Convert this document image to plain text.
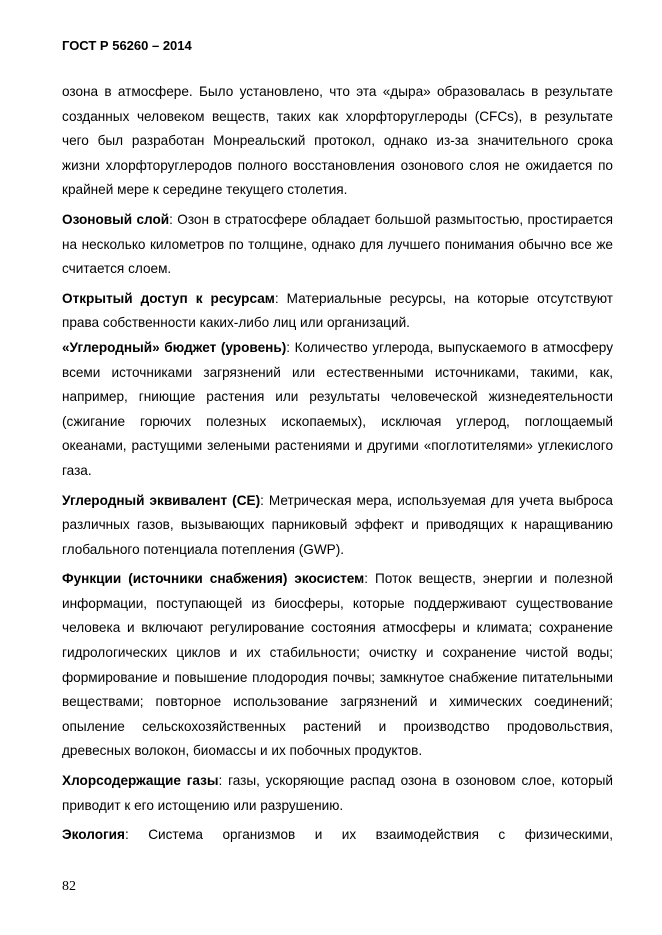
ГОСТ Р 56260 – 2014

озона в атмосфере. Было установлено, что эта «дыра» образовалась в результате созданных человеком веществ, таких как хлорфторуглероды (CFCs), в результате чего был разработан Монреальский протокол, однако из-за значительного срока жизни хлорфторуглеродов полного восстановления озонового слоя не ожидается по крайней мере к середине текущего столетия.

Озоновый слой: Озон в стратосфере обладает большой размытостью, простирается на несколько километров по толщине, однако для лучшего понимания обычно все же считается слоем.

Открытый доступ к ресурсам: Материальные ресурсы, на которые отсутствуют права собственности каких-либо лиц или организаций.

«Углеродный» бюджет (уровень): Количество углерода, выпускаемого в атмосферу всеми источниками загрязнений или естественными источниками, такими, как, например, гниющие растения или результаты человеческой жизнедеятельности (сжигание горючих полезных ископаемых), исключая углерод, поглощаемый океанами, растущими зелеными растениями и другими «поглотителями» углекислого газа.

Углеродный эквивалент (CE): Метрическая мера, используемая для учета выброса различных газов, вызывающих парниковый эффект и приводящих к наращиванию глобального потенциала потепления (GWP).

Функции (источники снабжения) экосистем: Поток веществ, энергии и полезной информации, поступающей из биосферы, которые поддерживают существование человека и включают регулирование состояния атмосферы и климата; сохранение гидрологических циклов и их стабильности; очистку и сохранение чистой воды; формирование и повышение плодородия почвы; замкнутое снабжение питательными веществами; повторное использование загрязнений и химических соединений; опыление сельскохозяйственных растений и производство продовольствия, древесных волокон, биомассы и их побочных продуктов.

Хлорсодержащие газы: газы, ускоряющие распад озона в озоновом слое, который приводит к его истощению или разрушению.

Экология: Система организмов и их взаимодействия с физическими,

82
